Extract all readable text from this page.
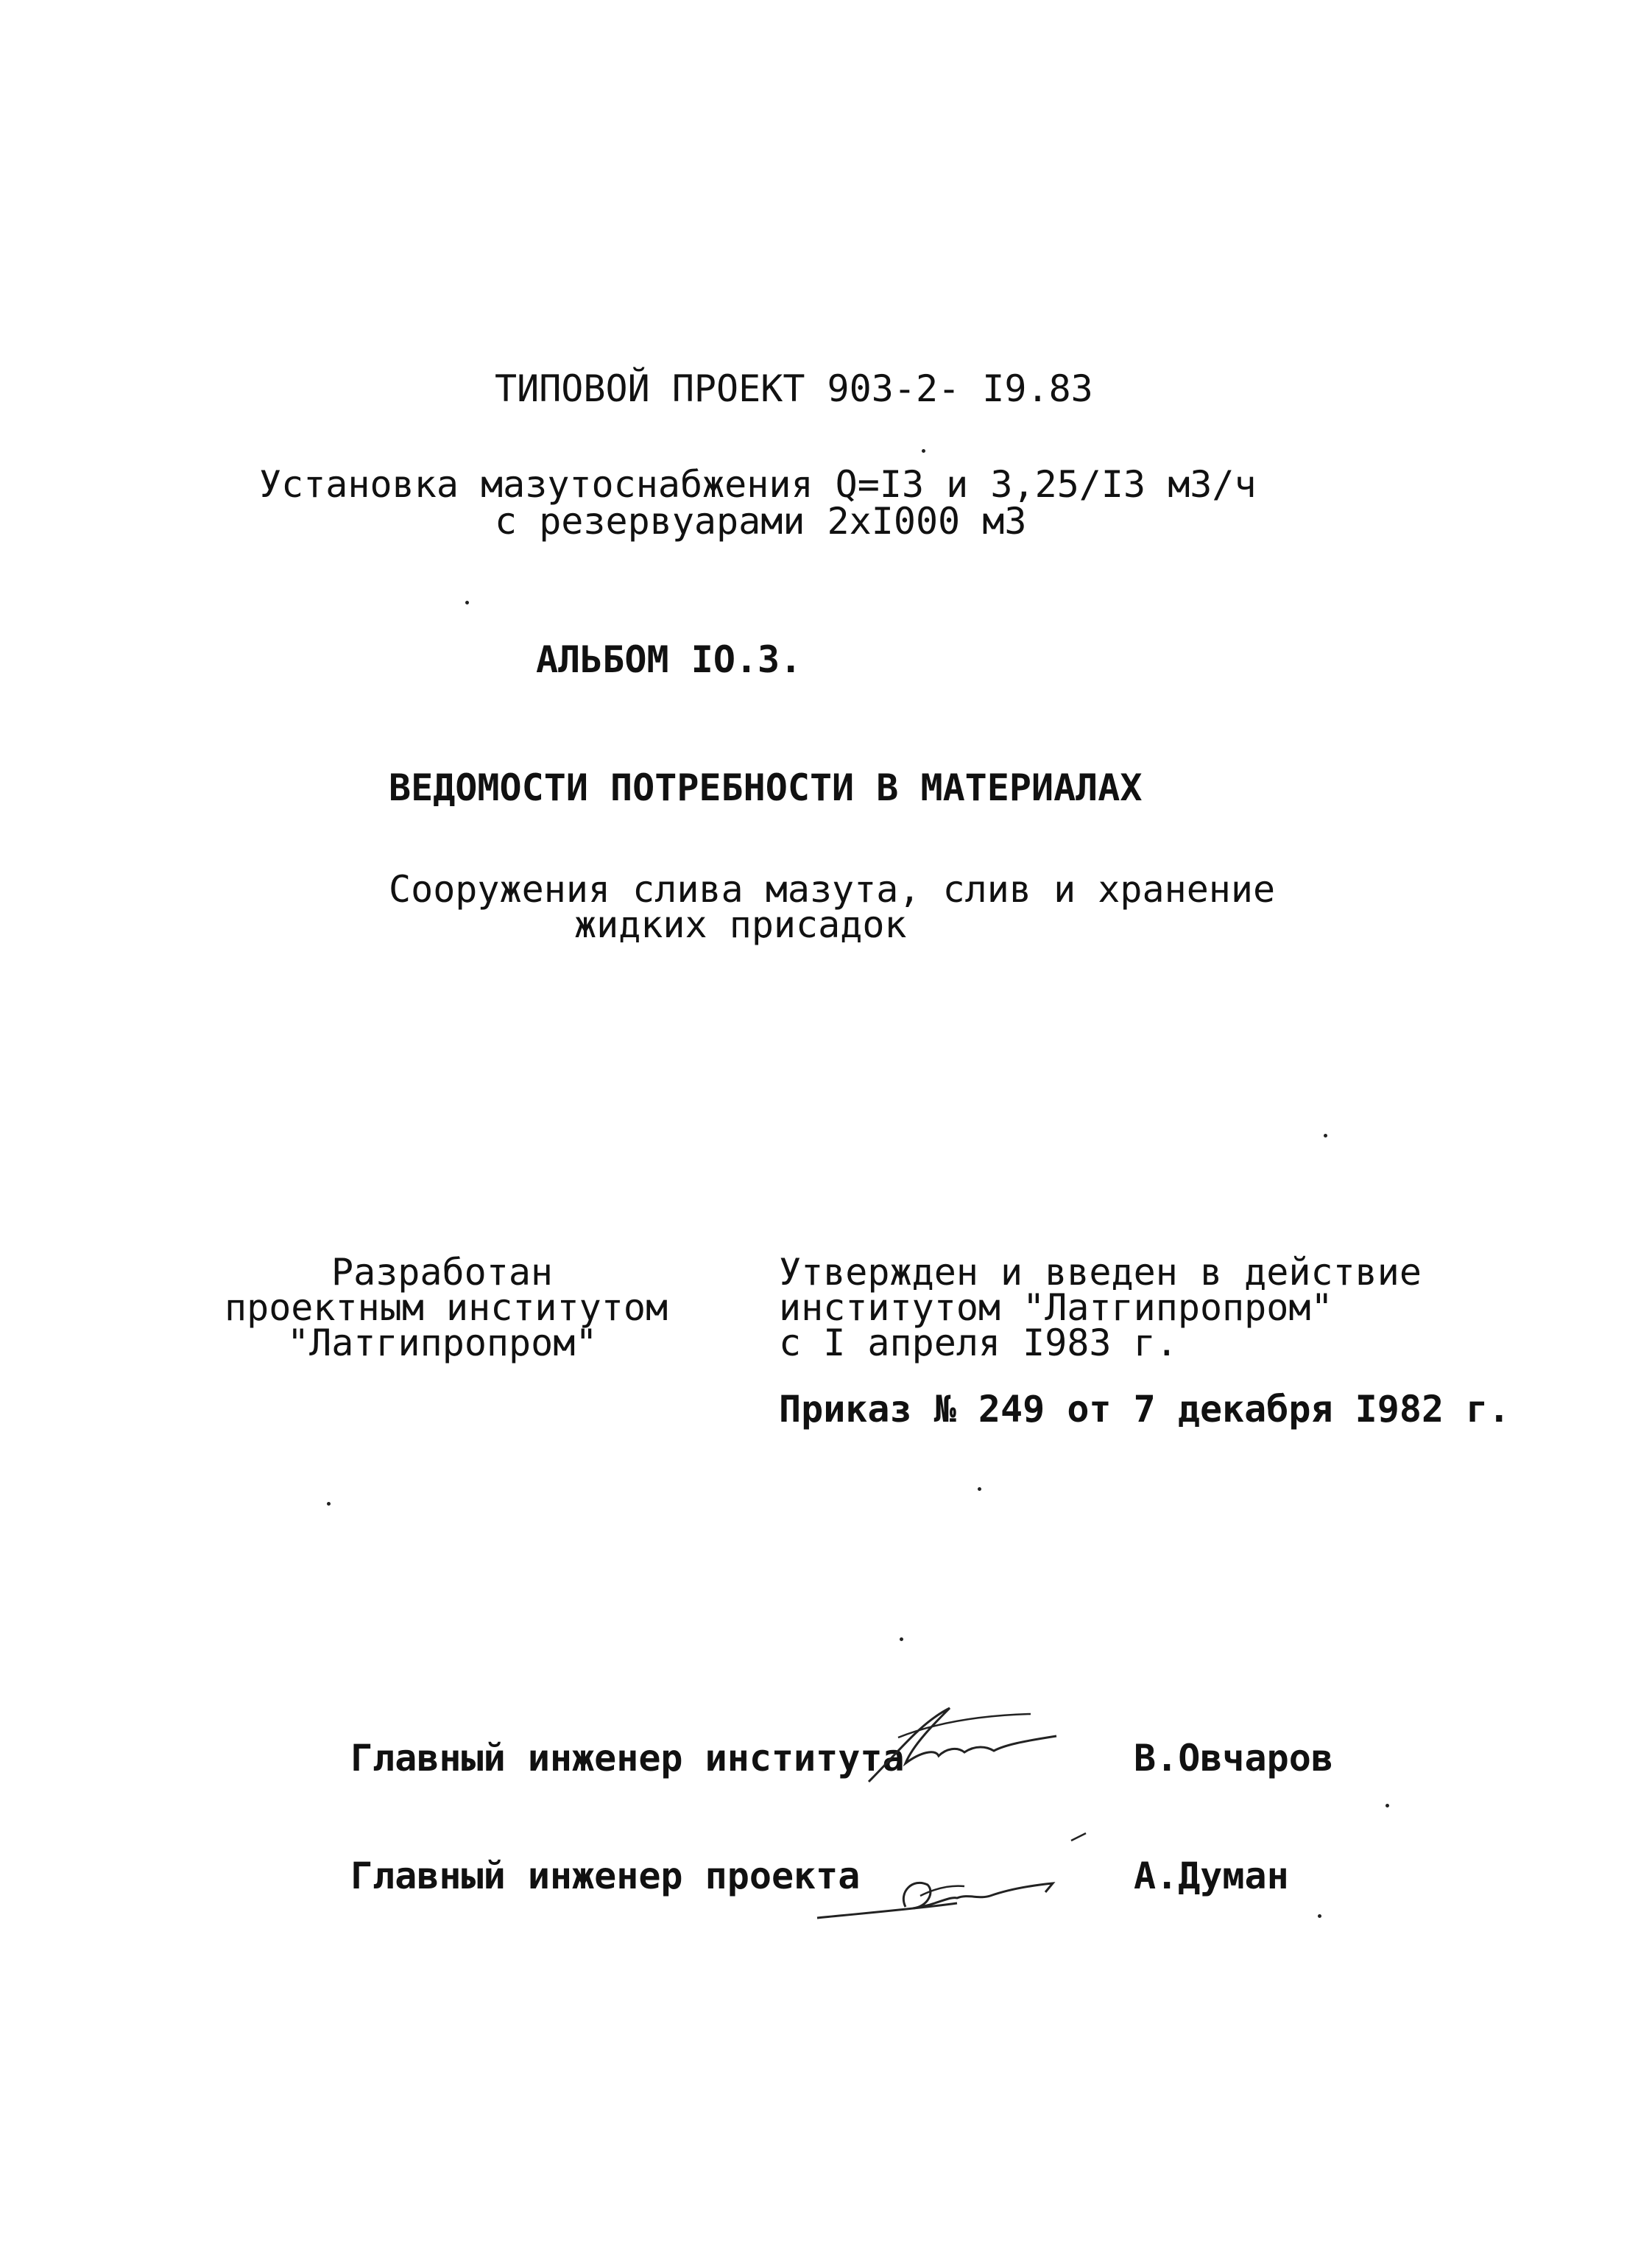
ТИПОВОЙ ПРОЕКТ 903-2- I9.83
Установка мазутоснабжения Q=I3 и 3,25/I3 м3/ч
с резервуарами 2xI000 м3
АЛЬБОМ IO.3.
ВЕДОМОСТИ ПОТРЕБНОСТИ В МАТЕРИАЛАХ
Сооружения слива мазута, слив и хранение
жидких присадок
Разработан
проектным институтом
"Латгипропром"
Утвержден и введен в действие
институтом "Латгипропром"
с I апреля I983 г.
Приказ № 249 от 7 декабря I982 г.
Главный инженер института	В.Овчаров
Главный инженер проекта	А.Думан
